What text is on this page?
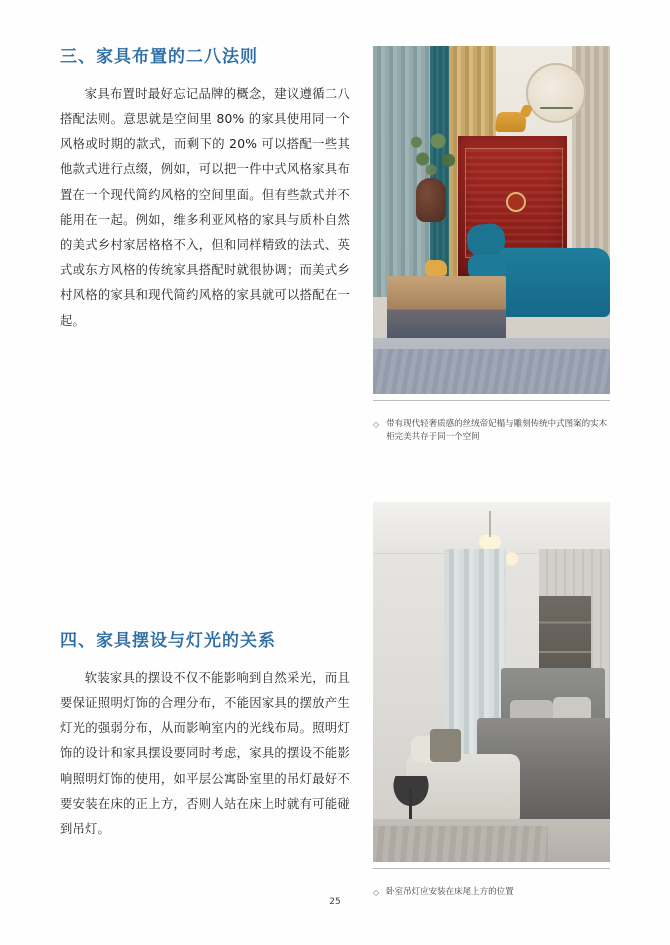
三、家具布置的二八法则

家具布置时最好忘记品牌的概念，建议遵循二八搭配法则。意思就是空间里 80% 的家具使用同一个风格或时期的款式，而剩下的 20% 可以搭配一些其他款式进行点缀，例如，可以把一件中式风格家具布置在一个现代简约风格的空间里面。但有些款式并不能用在一起。例如，维多利亚风格的家具与质朴自然的美式乡村家居格格不入，但和同样精致的法式、英式或东方风格的传统家具搭配时就很协调；而美式乡村风格的家具和现代简约风格的家具就可以搭配在一起。

四、家具摆设与灯光的关系

软装家具的摆设不仅不能影响到自然采光，而且要保证照明灯饰的合理分布，不能因家具的摆放产生灯光的强弱分布，从而影响室内的光线布局。照明灯饰的设计和家具摆设要同时考虑，家具的摆设不能影响照明灯饰的使用，如平层公寓卧室里的吊灯最好不要安装在床的正上方，否则人站在床上时就有可能碰到吊灯。

◇ 带有现代轻奢质感的丝绒帝妃榻与雕刻传统中式图案的实木柜完美共存于同一个空间
◇ 卧室吊灯应安装在床尾上方的位置
25
